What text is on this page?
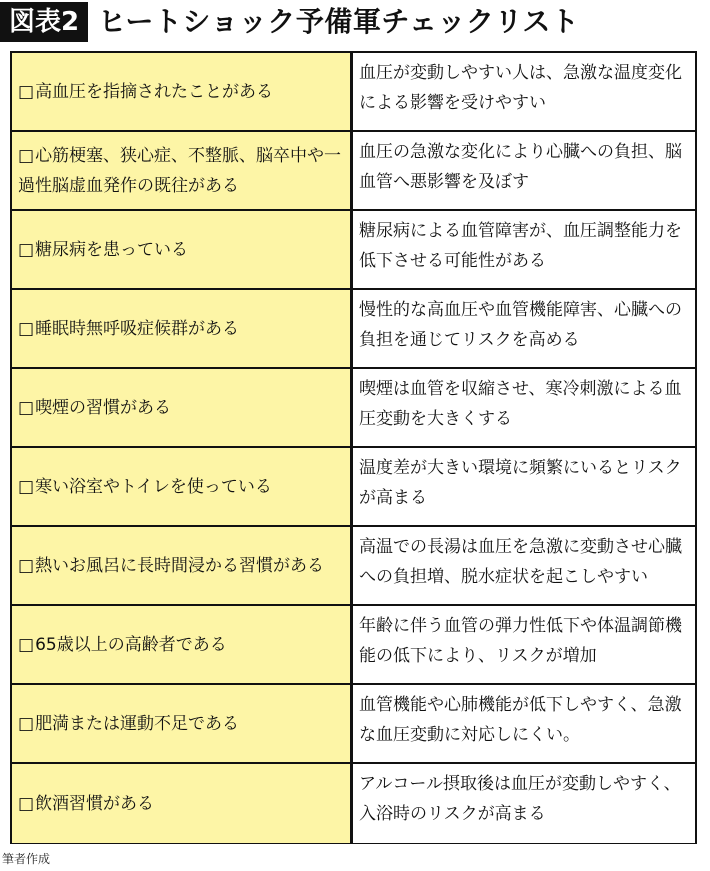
図表2 ヒートショック予備軍チェックリスト
□高血圧を指摘されたことがある
血圧が変動しやすい人は、急激な温度変化による影響を受けやすい
□心筋梗塞、狭心症、不整脈、脳卒中や一過性脳虚血発作の既往がある
血圧の急激な変化により心臓への負担、脳血管へ悪影響を及ぼす
□糖尿病を患っている
糖尿病による血管障害が、血圧調整能力を低下させる可能性がある
□睡眠時無呼吸症候群がある
慢性的な高血圧や血管機能障害、心臓への負担を通じてリスクを高める
□喫煙の習慣がある
喫煙は血管を収縮させ、寒冷刺激による血圧変動を大きくする
□寒い浴室やトイレを使っている
温度差が大きい環境に頻繁にいるとリスクが高まる
□熱いお風呂に長時間浸かる習慣がある
高温での長湯は血圧を急激に変動させ心臓への負担増、脱水症状を起こしやすい
□65歳以上の高齢者である
年齢に伴う血管の弾力性低下や体温調節機能の低下により、リスクが増加
□肥満または運動不足である
血管機能や心肺機能が低下しやすく、急激な血圧変動に対応しにくい。
□飲酒習慣がある
アルコール摂取後は血圧が変動しやすく、入浴時のリスクが高まる
筆者作成
